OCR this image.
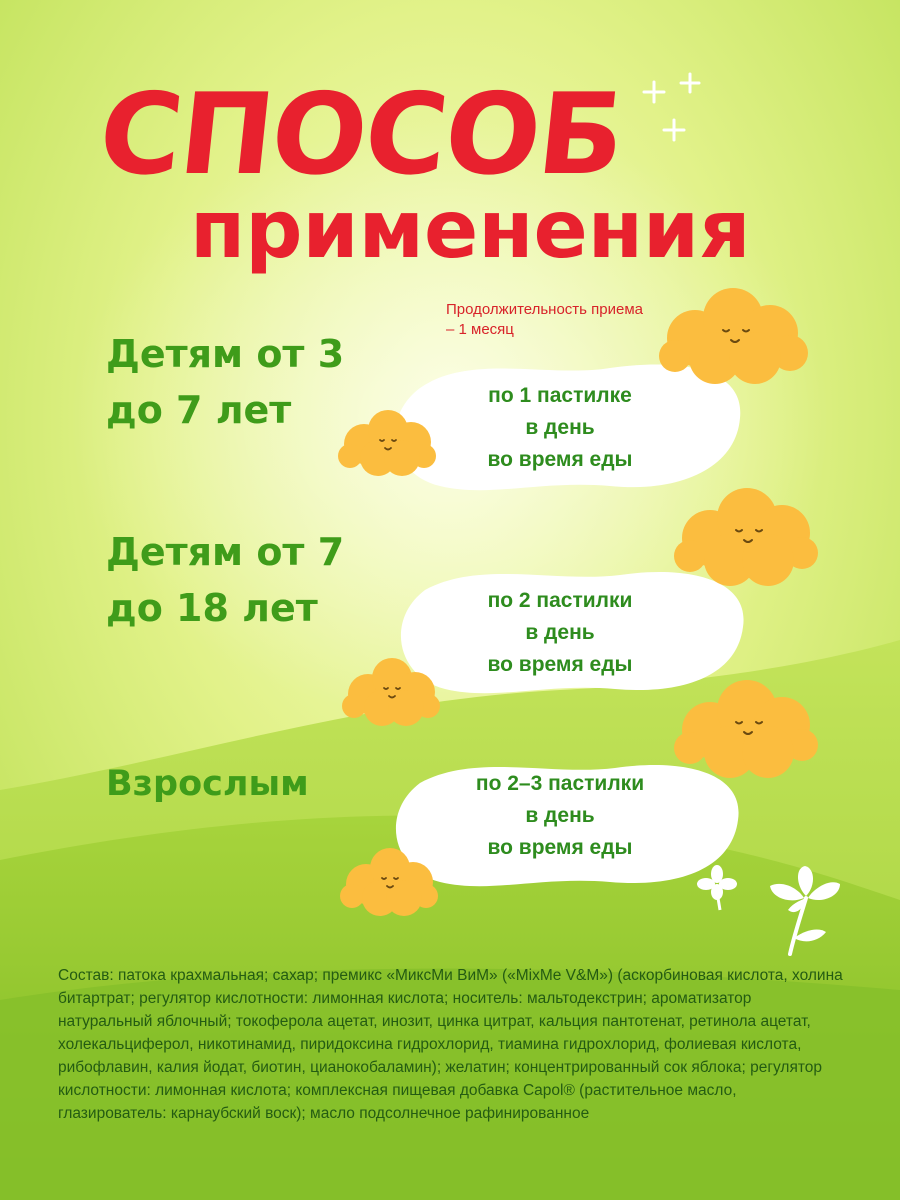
СПОСОБ
применения
Продолжительность приема – 1 месяц
Детям от 3
до 7 лет
Детям от 7
до 18 лет
Взрослым
по 1 пастилке
в день
во время еды
по 2 пастилки
в день
во время еды
по 2–3 пастилки
в день
во время еды
Состав: патока крахмальная; сахар; премикс «МиксМи ВиМ» («MixMe V&M») (аскорбиновая кислота, холина битартрат; регулятор кислотности: лимонная кислота; носитель: мальтодекстрин; ароматизатор натуральный яблочный; токоферола ацетат, инозит, цинка цитрат, кальция пантотенат, ретинола ацетат, холекальциферол, никотинамид, пиридоксина гидрохлорид, тиамина гидрохлорид, фолиевая кислота, рибофлавин, калия йодат, биотин, цианокобаламин); желатин; концентрированный сок яблока; регулятор кислотности: лимонная кислота; комплексная пищевая добавка Capol® (растительное масло, глазирователь: карнаубский воск); масло подсолнечное рафинированное
